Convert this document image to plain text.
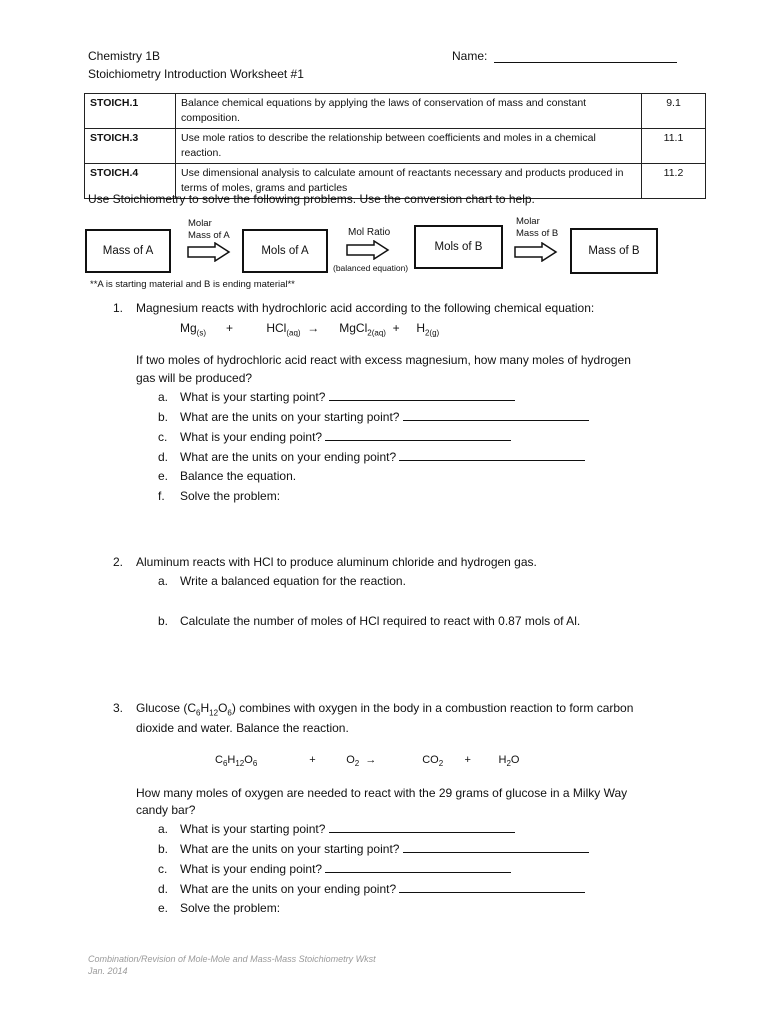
Chemistry 1B
Stoichiometry Introduction Worksheet #1
Name:
STOICH.1	Balance chemical equations by applying the laws of conservation of mass and constant composition.	9.1
STOICH.3	Use mole ratios to describe the relationship between coefficients and moles in a chemical reaction.	11.1
STOICH.4	Use dimensional analysis to calculate amount of reactants necessary and products produced in terms of moles, grams and particles	11.2
Use Stoichiometry to solve the following problems. Use the conversion chart to help.
Mass of A
Molar Mass of A
Mols of A
Mol Ratio
(balanced equation)
Mols of B
Molar Mass of B
Mass of B
**A is starting material and B is ending material**
1. Magnesium reacts with hydrochloric acid according to the following chemical equation:
$Mg_{(s)}$      +          HCl$_{(aq)}$  →      MgCl$_{2(aq)}$  +     $H_{2(g)}$
If two moles of hydrochloric acid react with excess magnesium, how many moles of hydrogen
gas will be produced?
a. What is your starting point?
b. What are the units on your starting point?
c. What is your ending point?
d. What are the units on your ending point?
e. Balance the equation.
f. Solve the problem:
2. Aluminum reacts with HCl to produce aluminum chloride and hydrogen gas.
a. Write a balanced equation for the reaction.
b. Calculate the number of moles of HCl required to react with 0.87 mols of Al.
3. Glucose $(C_6H_{12}O_6)$ combines with oxygen in the body in a combustion reaction to form carbon
dioxide and water. Balance the reaction.
$C_6H_{12}O_6$                 +          $O_2$  →               $CO_2$       +         $H_2O$
How many moles of oxygen are needed to react with the 29 grams of glucose in a Milky Way
candy bar?
a. What is your starting point?
b. What are the units on your starting point?
c. What is your ending point?
d. What are the units on your ending point?
e. Solve the problem:
Combination/Revision of Mole-Mole and Mass-Mass Stoichiometry Wkst
Jan. 2014
